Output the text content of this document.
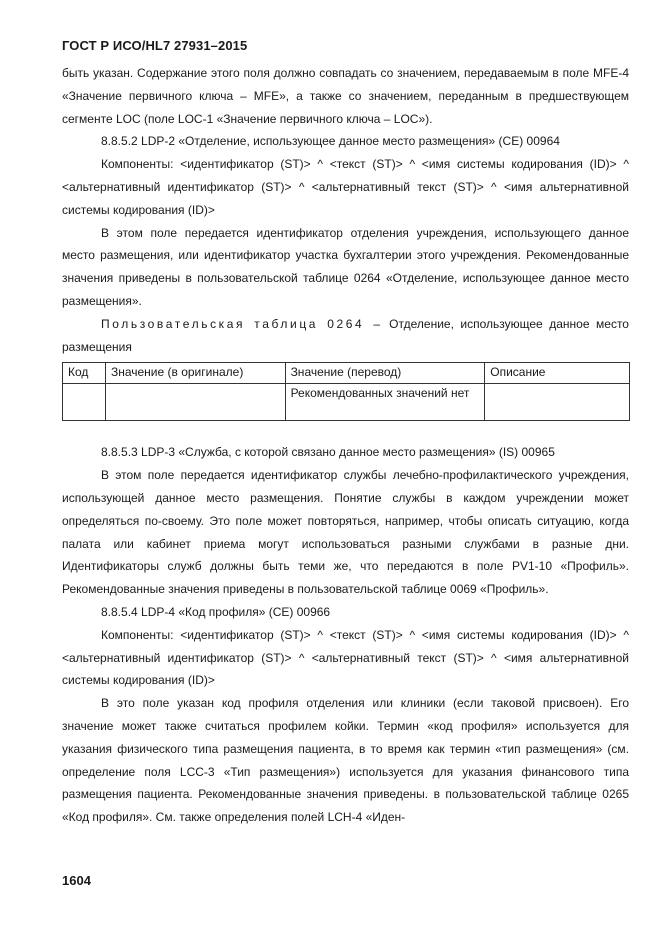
ГОСТ Р ИСО/HL7 27931–2015

быть указан. Содержание этого поля должно совпадать со значением, передаваемым в поле MFE-4 «Значение первичного ключа – MFE», а также со значением, переданным в предшествующем сегменте LOC (поле LOC-1 «Значение первичного ключа – LOC»).

8.8.5.2 LDP-2 «Отделение, использующее данное место размещения» (CE) 00964

Компоненты: <идентификатор (ST)> ^ <текст (ST)> ^ <имя системы кодирования (ID)> ^ <альтернативный идентификатор (ST)> ^ <альтернативный текст (ST)> ^ <имя альтернативной системы кодирования (ID)>

В этом поле передается идентификатор отделения учреждения, использующего данное место размещения, или идентификатор участка бухгалтерии этого учреждения. Рекомендованные значения приведены в пользовательской таблице 0264 «Отделение, использующее данное место размещения».

Пользовательская таблица 0264 – Отделение, использующее данное место размещения

Код	Значение (в оригинале)	Значение (перевод)	Описание
		Рекомендованных значений нет	

8.8.5.3 LDP-3 «Служба, с которой связано данное место размещения» (IS) 00965

В этом поле передается идентификатор службы лечебно-профилактического учреждения, использующей данное место размещения. Понятие службы в каждом учреждении может определяться по-своему. Это поле может повторяться, например, чтобы описать ситуацию, когда палата или кабинет приема могут использоваться разными службами в разные дни. Идентификаторы служб должны быть теми же, что передаются в поле PV1-10 «Профиль». Рекомендованные значения приведены в пользовательской таблице 0069 «Профиль».

8.8.5.4 LDP-4 «Код профиля» (CE) 00966

Компоненты: <идентификатор (ST)> ^ <текст (ST)> ^ <имя системы кодирования (ID)> ^ <альтернативный идентификатор (ST)> ^ <альтернативный текст (ST)> ^ <имя альтернативной системы кодирования (ID)>

В это поле указан код профиля отделения или клиники (если таковой присвоен). Его значение может также считаться профилем койки. Термин «код профиля» используется для указания физического типа размещения пациента, в то время как термин «тип размещения» (см. определение поля LCC-3 «Тип размещения») используется для указания финансового типа размещения пациента. Рекомендованные значения приведены. в пользовательской таблице 0265 «Код профиля». См. также определения полей LCH-4 «Иден-

1604
